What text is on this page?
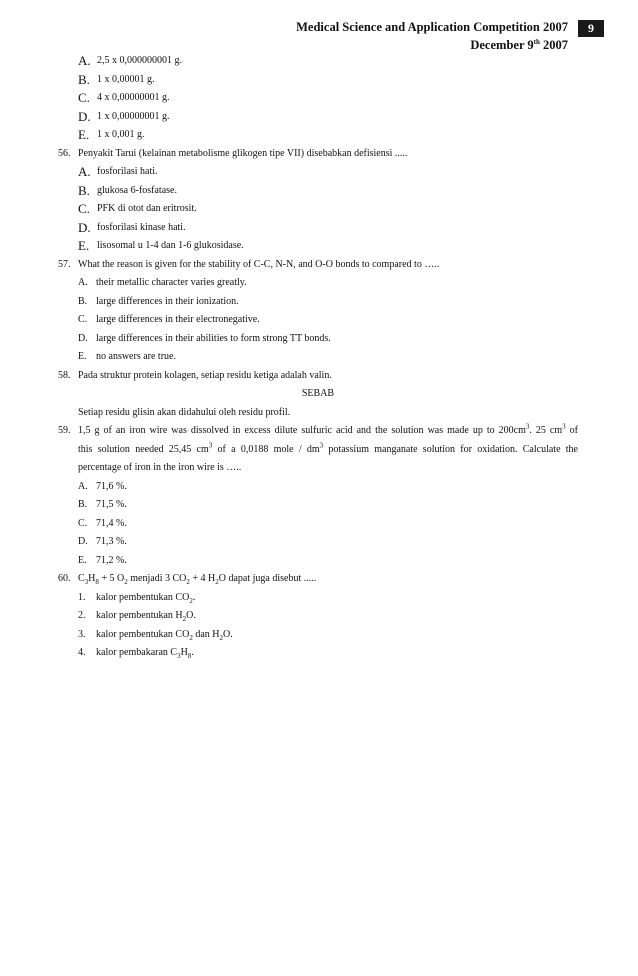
Medical Science and Application Competition 2007
December 9th 2007
9
A. 2,5 x 0,000000001 g.
B. 1 x 0,00001 g.
C. 4 x 0,00000001 g.
D. 1 x 0,00000001 g.
E. 1 x 0,001 g.
56. Penyakit Tarui (kelainan metabolisme glikogen tipe VII) disebabkan defisiensi .....
A. fosforilasi hati.
B. glukosa 6-fosfatase.
C. PFK di otot dan eritrosit.
D. fosforilasi kinase hati.
E. lisosomal u 1-4 dan 1-6 glukosidase.
57. What the reason is given for the stability of C-C, N-N, and O-O bonds to compared to …..
A. their metallic character varies greatly.
B. large differences in their ionization.
C. large differences in their electronegative.
D. large differences in their abilities to form strong TT bonds.
E. no answers are true.
58. Pada struktur protein kolagen, setiap residu ketiga adalah valin.
SEBAB
Setiap residu glisin akan didahului oleh residu profil.
59. 1,5 g of an iron wire was dissolved in excess dilute sulfuric acid and the solution was made up to $200cm^3$. 25 $cm^3$ of
this solution needed 25,45 $cm^3$ of a 0,0188 mole / $dm^3$ potassium manganate solution for oxidation. Calculate the
percentage of iron in the iron wire is …..
A. 71,6 %.
B. 71,5 %.
C. 71,4 %.
D. 71,3 %.
E. 71,2 %.
60. $C_3H_8 + 5$ $O_2$ menjadi 3 $CO_2 + 4$ $H_2O$ dapat juga disebut .....
1. kalor pembentukan $CO_2$.
2. kalor pembentukan $H_2O$.
3. kalor pembentukan $CO_2$ dan $H_2O$.
4. kalor pembakaran $C_3H_8$.
